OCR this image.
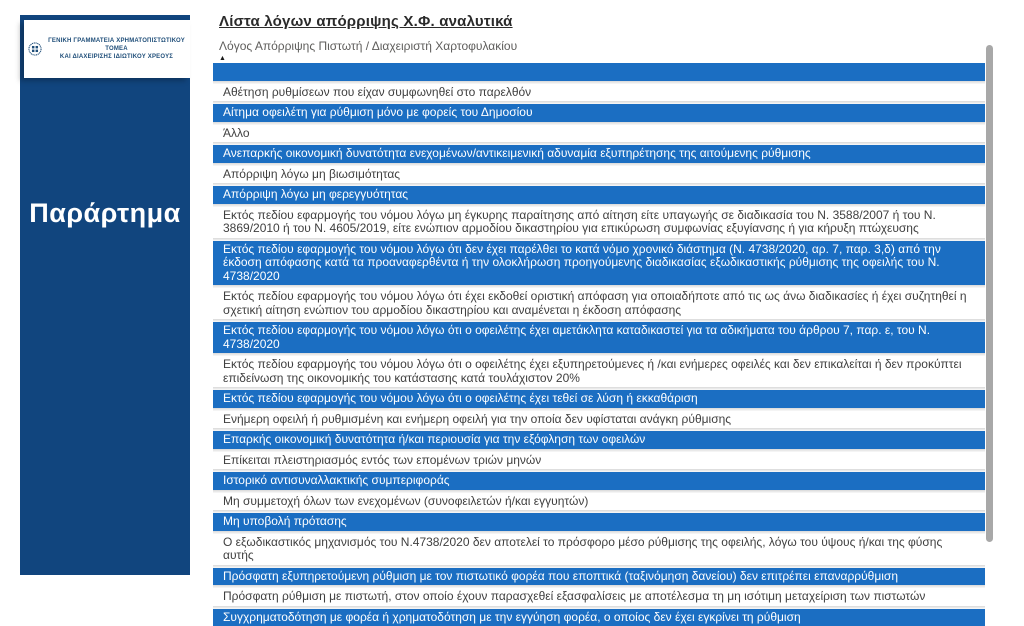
ΓΕΝΙΚΗ ΓΡΑΜΜΑΤΕΙΑ ΧΡΗΜΑΤΟΠΙΣΤΩΤΙΚΟΥ ΤΟΜΕΑ
ΚΑΙ ΔΙΑΧΕΙΡΙΣΗΣ ΙΔΙΩΤΙΚΟΥ ΧΡΕΟΥΣ
Παράρτημα
Λίστα λόγων απόρριψης Χ.Φ. αναλυτικά
Λόγος Απόρριψης Πιστωτή / Διαχειριστή Χαρτοφυλακίου
▲
Αθέτηση ρυθμίσεων που είχαν συμφωνηθεί στο παρελθόν
Αίτημα οφειλέτη για ρύθμιση μόνο με φορείς του Δημοσίου
Άλλο
Ανεπαρκής οικονομική δυνατότητα ενεχομένων/αντικειμενική αδυναμία εξυπηρέτησης της αιτούμενης ρύθμισης
Απόρριψη λόγω μη βιωσιμότητας
Απόρριψη λόγω μη φερεγγυότητας
Εκτός πεδίου εφαρμογής του νόμου λόγω μη έγκυρης παραίτησης από αίτηση είτε υπαγωγής σε διαδικασία του Ν. 3588/2007 ή του Ν. 3869/2010 ή του Ν. 4605/2019, είτε ενώπιον αρμοδίου δικαστηρίου για επικύρωση συμφωνίας εξυγίανσης ή για κήρυξη πτώχευσης
Εκτός πεδίου εφαρμογής του νόμου λόγω ότι δεν έχει παρέλθει το κατά νόμο χρονικό διάστημα (Ν. 4738/2020, αρ. 7, παρ. 3,δ) από την έκδοση απόφασης κατά τα προαναφερθέντα ή την ολοκλήρωση προηγούμενης διαδικασίας εξωδικαστικής ρύθμισης της οφειλής του Ν. 4738/2020
Εκτός πεδίου εφαρμογής του νόμου λόγω ότι έχει εκδοθεί οριστική απόφαση για οποιαδήποτε από τις ως άνω διαδικασίες ή έχει συζητηθεί η σχετική αίτηση ενώπιον του αρμοδίου δικαστηρίου και αναμένεται η έκδοση απόφασης
Εκτός πεδίου εφαρμογής του νόμου λόγω ότι ο οφειλέτης έχει αμετάκλητα καταδικαστεί για τα αδικήματα του άρθρου 7, παρ. ε, του Ν. 4738/2020
Εκτός πεδίου εφαρμογής του νόμου λόγω ότι ο οφειλέτης έχει εξυπηρετούμενες ή /και ενήμερες οφειλές και δεν επικαλείται ή δεν προκύπτει επιδείνωση της οικονομικής του κατάστασης κατά τουλάχιστον 20%
Εκτός πεδίου εφαρμογής του νόμου λόγω ότι ο οφειλέτης έχει τεθεί σε λύση ή εκκαθάριση
Ενήμερη οφειλή ή ρυθμισμένη και ενήμερη οφειλή για την οποία δεν υφίσταται ανάγκη ρύθμισης
Επαρκής οικονομική δυνατότητα ή/και περιουσία για την εξόφληση των οφειλών
Επίκειται πλειστηριασμός εντός των επομένων τριών μηνών
Ιστορικό αντισυναλλακτικής συμπεριφοράς
Μη συμμετοχή όλων των ενεχομένων (συνοφειλετών ή/και εγγυητών)
Μη υποβολή πρότασης
Ο εξωδικαστικός μηχανισμός του Ν.4738/2020 δεν αποτελεί το πρόσφορο μέσο ρύθμισης της οφειλής, λόγω του ύψους ή/και της φύσης αυτής
Πρόσφατη εξυπηρετούμενη ρύθμιση με τον πιστωτικό φορέα που εποπτικά (ταξινόμηση δανείου) δεν επιτρέπει επαναρρύθμιση
Πρόσφατη ρύθμιση με πιστωτή, στον οποίο έχουν παρασχεθεί εξασφαλίσεις με αποτέλεσμα τη μη ισότιμη μεταχείριση των πιστωτών
Συγχρηματοδότηση με φορέα ή χρηματοδότηση με την εγγύηση φορέα, ο οποίος δεν έχει εγκρίνει τη ρύθμιση
